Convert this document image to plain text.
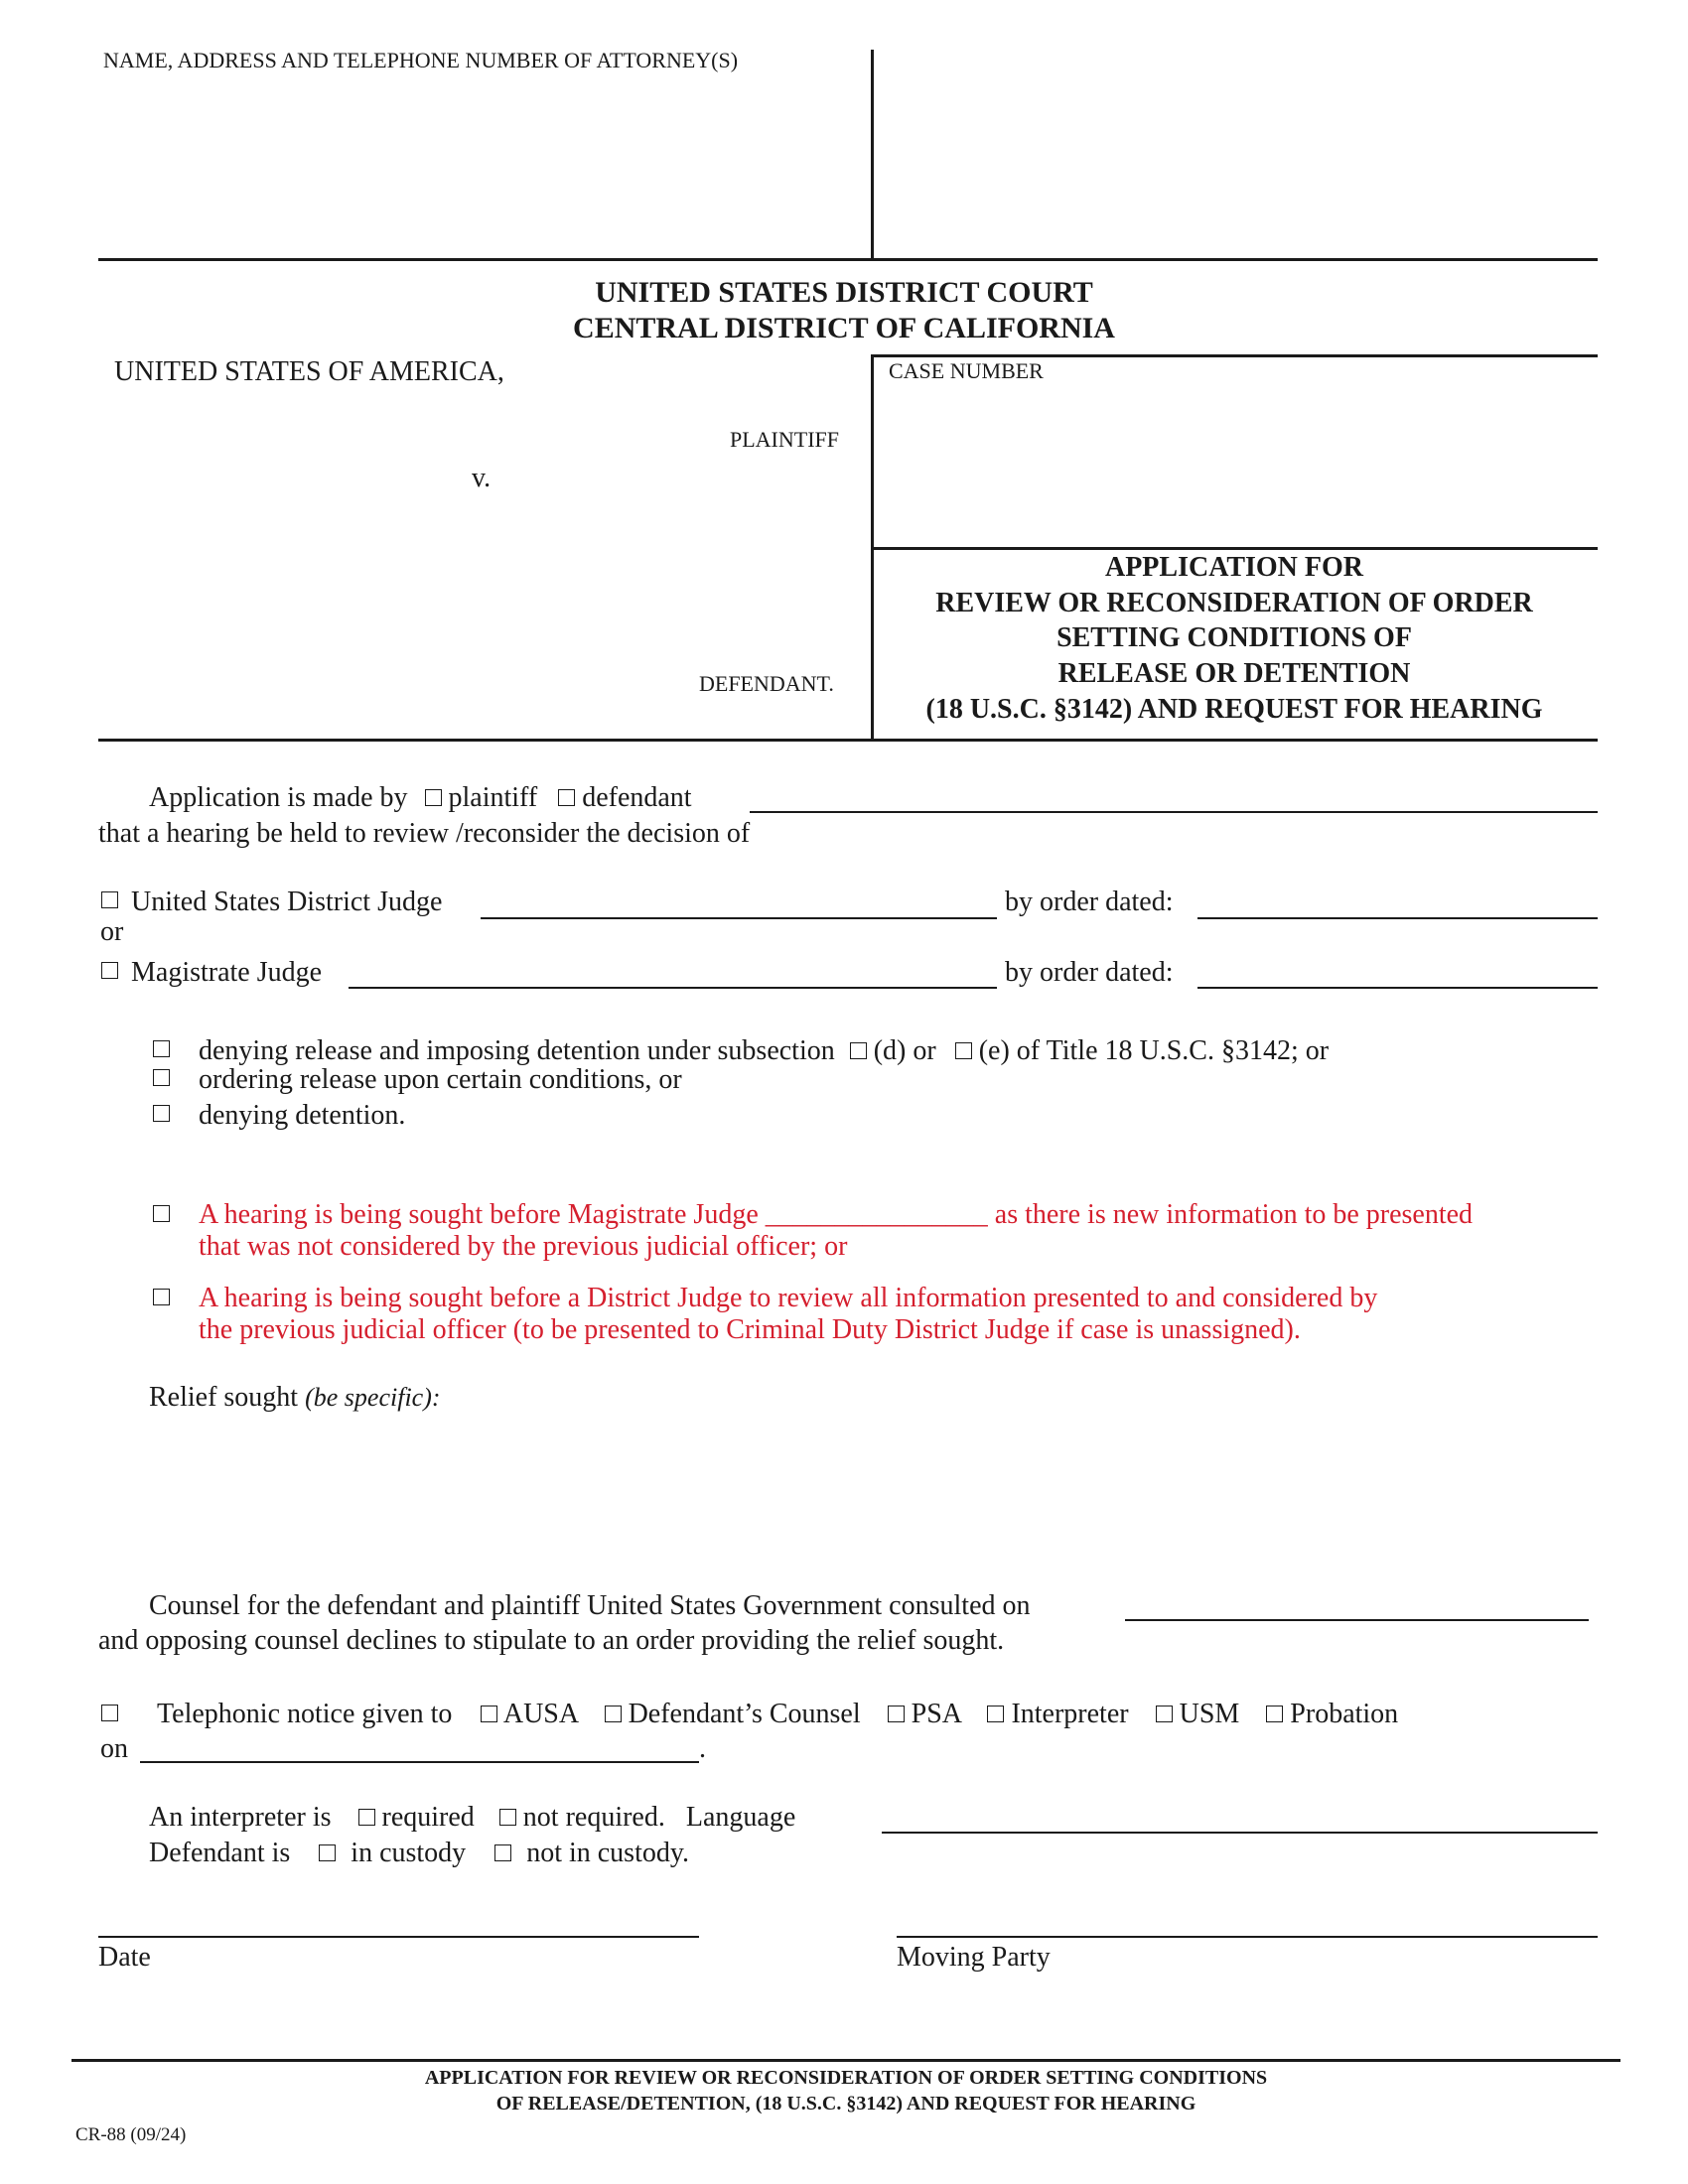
NAME, ADDRESS AND TELEPHONE NUMBER OF ATTORNEY(S)
UNITED STATES DISTRICT COURT
CENTRAL DISTRICT OF CALIFORNIA
UNITED STATES OF AMERICA,
PLAINTIFF
v.
DEFENDANT.
CASE NUMBER
APPLICATION FOR
REVIEW OR RECONSIDERATION OF ORDER
SETTING CONDITIONS OF
RELEASE OR DETENTION
(18 U.S.C. §3142) AND REQUEST FOR HEARING
Application is made by plaintiff defendant
that a hearing be held to review /reconsider the decision of
United States District Judge	by order dated:
or
Magistrate Judge	by order dated:
denying release and imposing detention under subsection (d) or (e) of Title 18 U.S.C. §3142; or
ordering release upon certain conditions, or
denying detention.
A hearing is being sought before Magistrate Judge ________________ as there is new information to be presented
that was not considered by the previous judicial officer; or
A hearing is being sought before a District Judge to review all information presented to and considered by
the previous judicial officer (to be presented to Criminal Duty District Judge if case is unassigned).
Relief sought (be specific):
Counsel for the defendant and plaintiff United States Government consulted on
and opposing counsel declines to stipulate to an order providing the relief sought.
Telephonic notice given to AUSA Defendant’s Counsel PSA Interpreter USM Probation
on	.
An interpreter is required not required. Language
Defendant is in custody not in custody.
Date	Moving Party
APPLICATION FOR REVIEW OR RECONSIDERATION OF ORDER SETTING CONDITIONS
OF RELEASE/DETENTION, (18 U.S.C. §3142) AND REQUEST FOR HEARING
CR-88 (09/24)
